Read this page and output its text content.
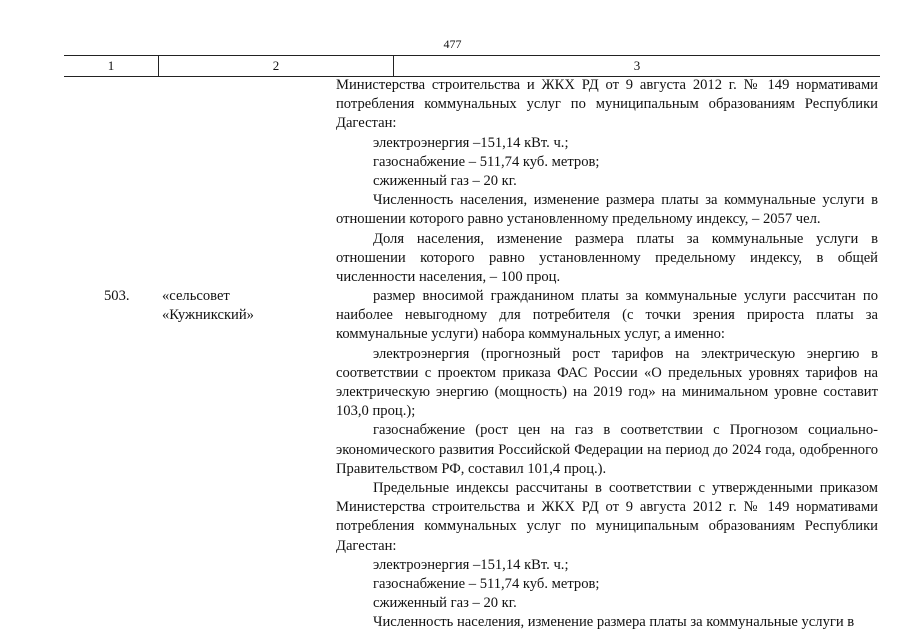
477
1	2	3

Министерства строительства и ЖКХ РД от 9 августа 2012 г. № 149 нормативами потребления коммунальных услуг по муниципальным образованиям Республики Дагестан:

электроэнергия –151,14 кВт. ч.;

газоснабжение – 511,74 куб. метров;

сжиженный газ – 20 кг.

Численность населения, изменение размера платы за коммунальные услуги в отношении которого равно установленному предельному индексу, – 2057 чел.

Доля населения, изменение размера платы за коммунальные услуги в отношении которого равно установленному предельному индексу, в общей численности населения, – 100 проц.

503. «сельсовет
«Кужникский»

размер вносимой гражданином платы за коммунальные услуги рассчитан по наиболее невыгодному для потребителя (с точки зрения прироста платы за коммунальные услуги) набора коммунальных услуг, а именно:

электроэнергия (прогнозный рост тарифов на электрическую энергию в соответствии с проектом приказа ФАС России «О предельных уровнях тарифов на электрическую энергию (мощность) на 2019 год» на минимальном уровне составит 103,0 проц.);

газоснабжение (рост цен на газ в соответствии с Прогнозом социально-экономического развития Российской Федерации на период до 2024 года, одобренного Правительством РФ, составил 101,4 проц.).

Предельные индексы рассчитаны в соответствии с утвержденными приказом Министерства строительства и ЖКХ РД от 9 августа 2012 г. № 149 нормативами потребления коммунальных услуг по муниципальным образованиям Республики Дагестан:

электроэнергия –151,14 кВт. ч.;

газоснабжение – 511,74 куб. метров;

сжиженный газ – 20 кг.

Численность населения, изменение размера платы за коммунальные услуги в
